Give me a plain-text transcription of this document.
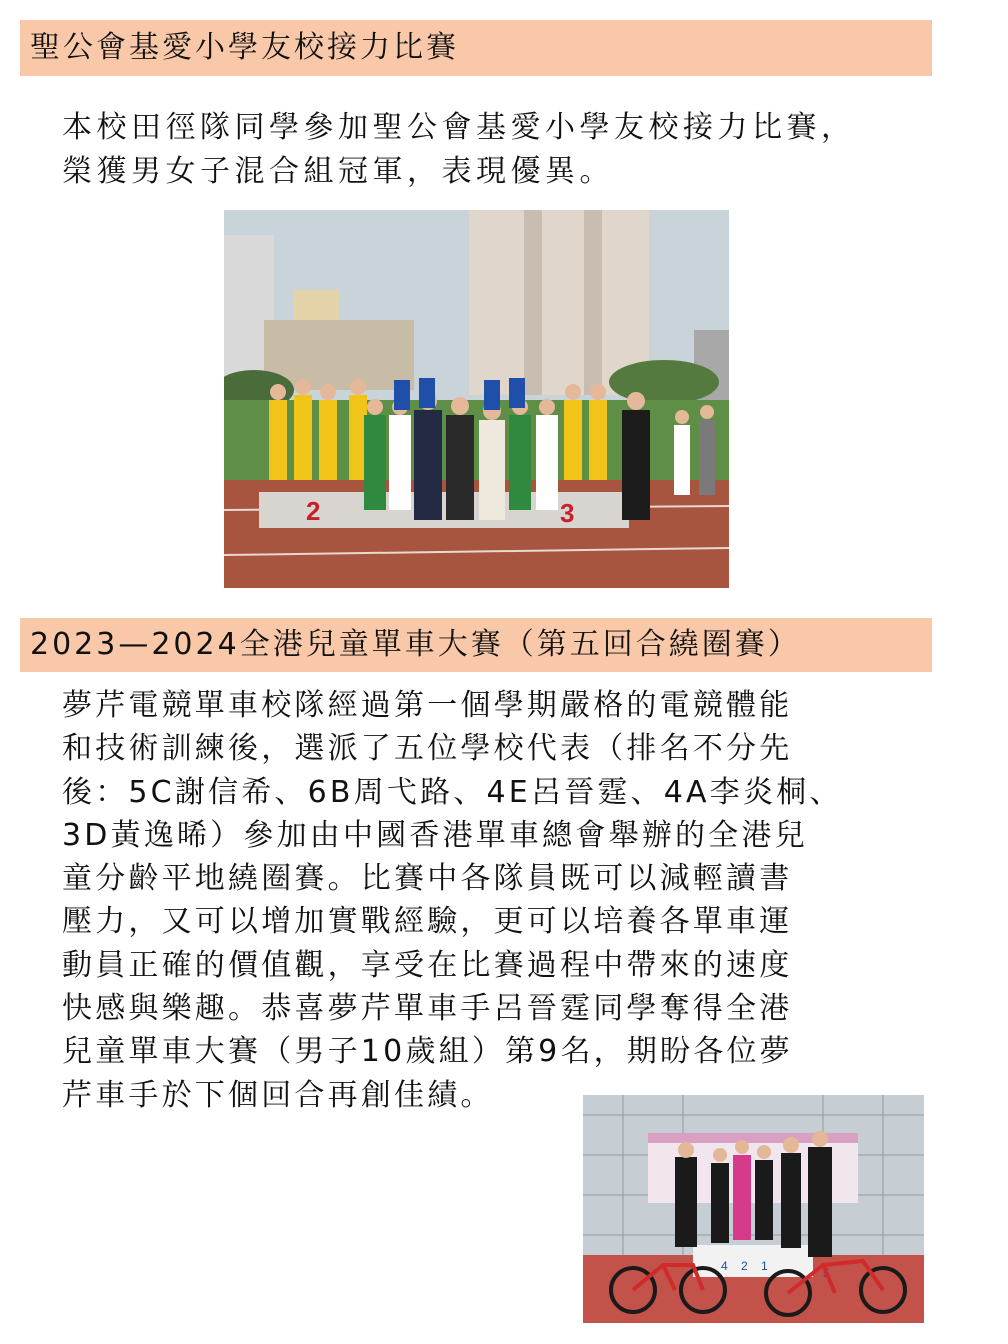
聖公會基愛小學友校接力比賽
本校田徑隊同學參加聖公會基愛小學友校接力比賽，
榮獲男女子混合組冠軍，表現優異。
2	3
2023—2024全港兒童單車大賽（第五回合繞圈賽）
夢芹電競單車校隊經過第一個學期嚴格的電競體能
和技術訓練後，選派了五位學校代表（排名不分先
後：5C謝信希、6B周弋路、4E呂晉霆、4A李炎桐、
3D黃逸晞）參加由中國香港單車總會舉辦的全港兒
童分齡平地繞圈賽。比賽中各隊員既可以減輕讀書
壓力，又可以增加實戰經驗，更可以培養各單車運
動員正確的價值觀，享受在比賽過程中帶來的速度
快感與樂趣。恭喜夢芹單車手呂晉霆同學奪得全港
兒童單車大賽（男子10歲組）第9名，期盼各位夢
芹車手於下個回合再創佳績。
4 2 1	5
